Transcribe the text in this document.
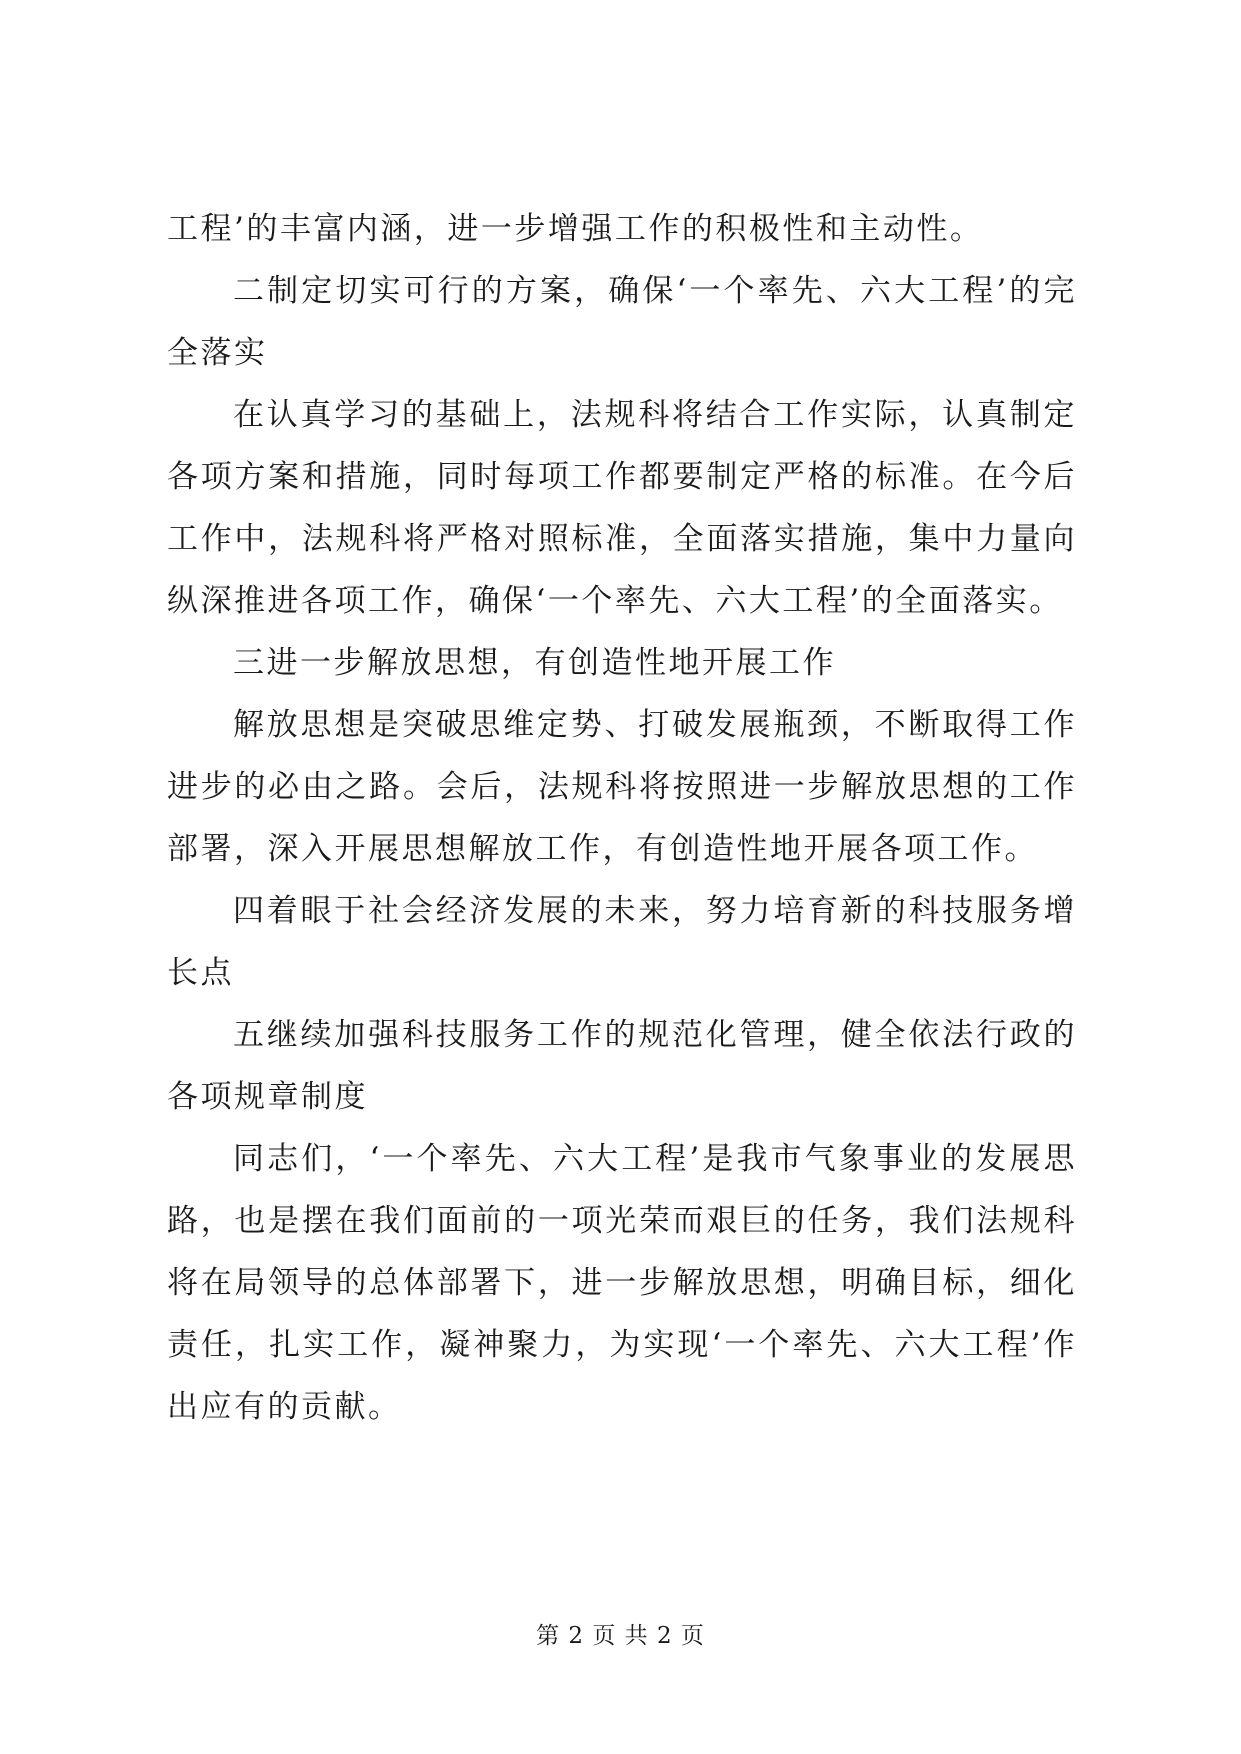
工程’的丰富内涵，进一步增强工作的积极性和主动性。

二制定切实可行的方案，确保‘一个率先、六大工程’的完全落实

在认真学习的基础上，法规科将结合工作实际，认真制定各项方案和措施，同时每项工作都要制定严格的标准。在今后工作中，法规科将严格对照标准，全面落实措施，集中力量向纵深推进各项工作，确保‘一个率先、六大工程’的全面落实。

三进一步解放思想，有创造性地开展工作

解放思想是突破思维定势、打破发展瓶颈，不断取得工作进步的必由之路。会后，法规科将按照进一步解放思想的工作部署，深入开展思想解放工作，有创造性地开展各项工作。

四着眼于社会经济发展的未来，努力培育新的科技服务增长点

五继续加强科技服务工作的规范化管理，健全依法行政的各项规章制度

同志们，‘一个率先、六大工程’是我市气象事业的发展思路，也是摆在我们面前的一项光荣而艰巨的任务，我们法规科将在局领导的总体部署下，进一步解放思想，明确目标，细化责任，扎实工作，凝神聚力，为实现‘一个率先、六大工程’作出应有的贡献。

第 2 页 共 2 页
